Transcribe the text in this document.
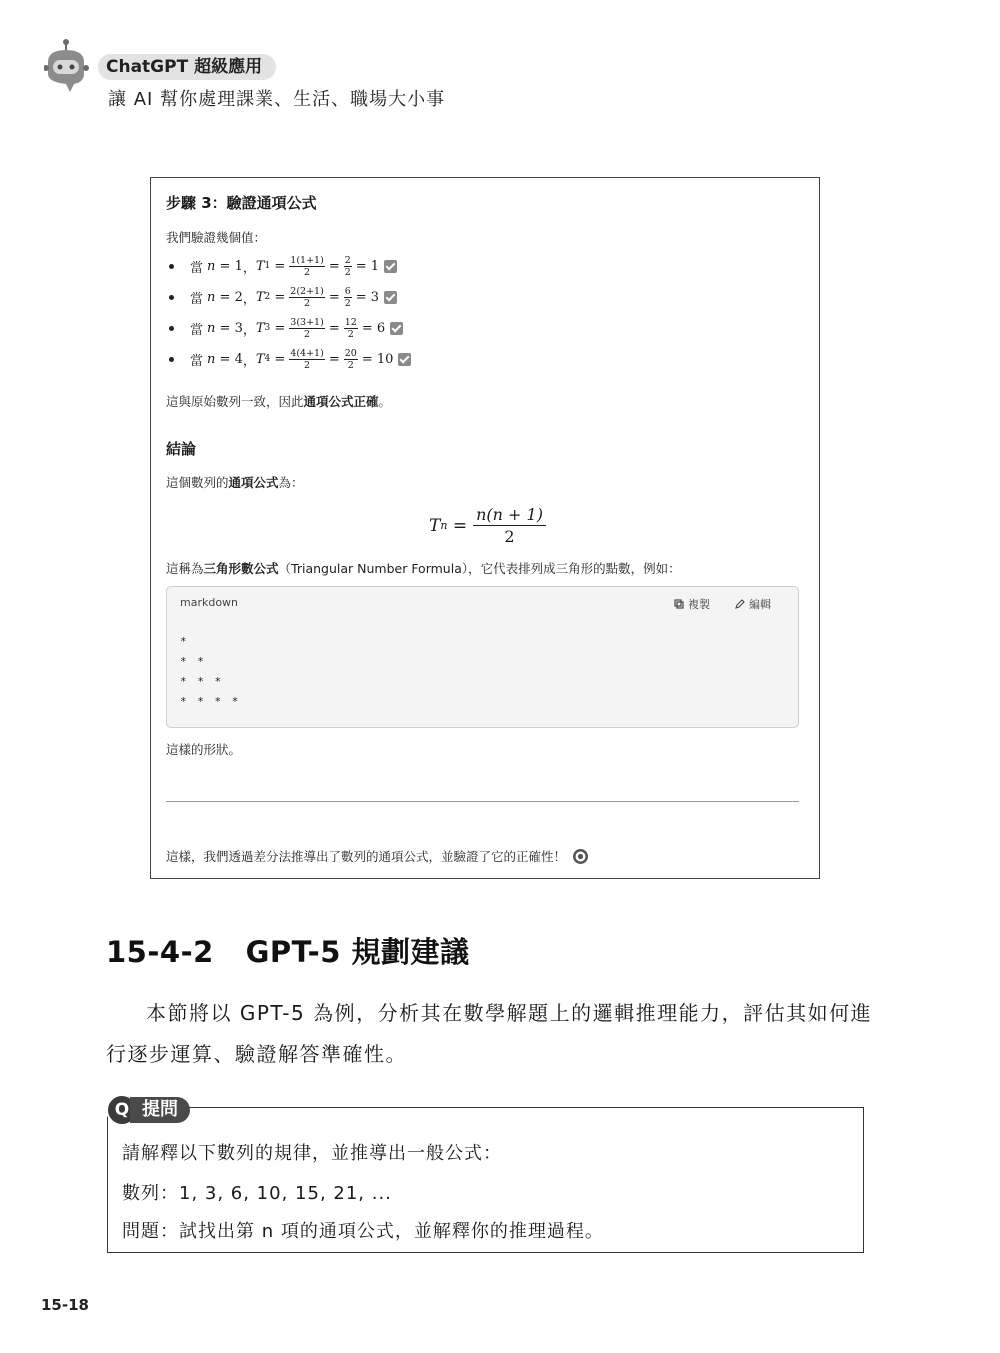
ChatGPT 超級應用
讓 AI 幫你處理課業、生活、職場大小事
步驟 3：驗證通項公式
我們驗證幾個值：
當 n = 1 ， T $1 = \frac{1(1+1)}{2} = \frac{2}{2} = 1$
當 n = 2 ， T $2 = \frac{2(2+1)}{2} = \frac{6}{2} = 3$
當 n = 3 ， T $3 = \frac{3(3+1)}{2} = \frac{12}{2} = 6$
當 n = 4 ， T $4 = \frac{4(4+1)}{2} = \frac{20}{2} = 10$
這與原始數列一致，因此通項公式正確。
結論
這個數列的通項公式為：
T $n = \frac{n(n + 1)}{2}$
這稱為三角形數公式（Triangular Number Formula），它代表排列成三角形的點數，例如：
markdown	複製	編輯
*
* *
* * *
* * * *
這樣的形狀。
這樣，我們透過差分法推導出了數列的通項公式，並驗證了它的正確性！
15-4-2 GPT-5 規劃建議
本節將以 GPT-5 為例，分析其在數學解題上的邏輯推理能力，評估其如何進
行逐步運算、驗證解答準確性。
Q 提問
請解釋以下數列的規律，並推導出一般公式：
數列：1, 3, 6, 10, 15, 21, ...
問題：試找出第 n 項的通項公式，並解釋你的推理過程。
15-18
